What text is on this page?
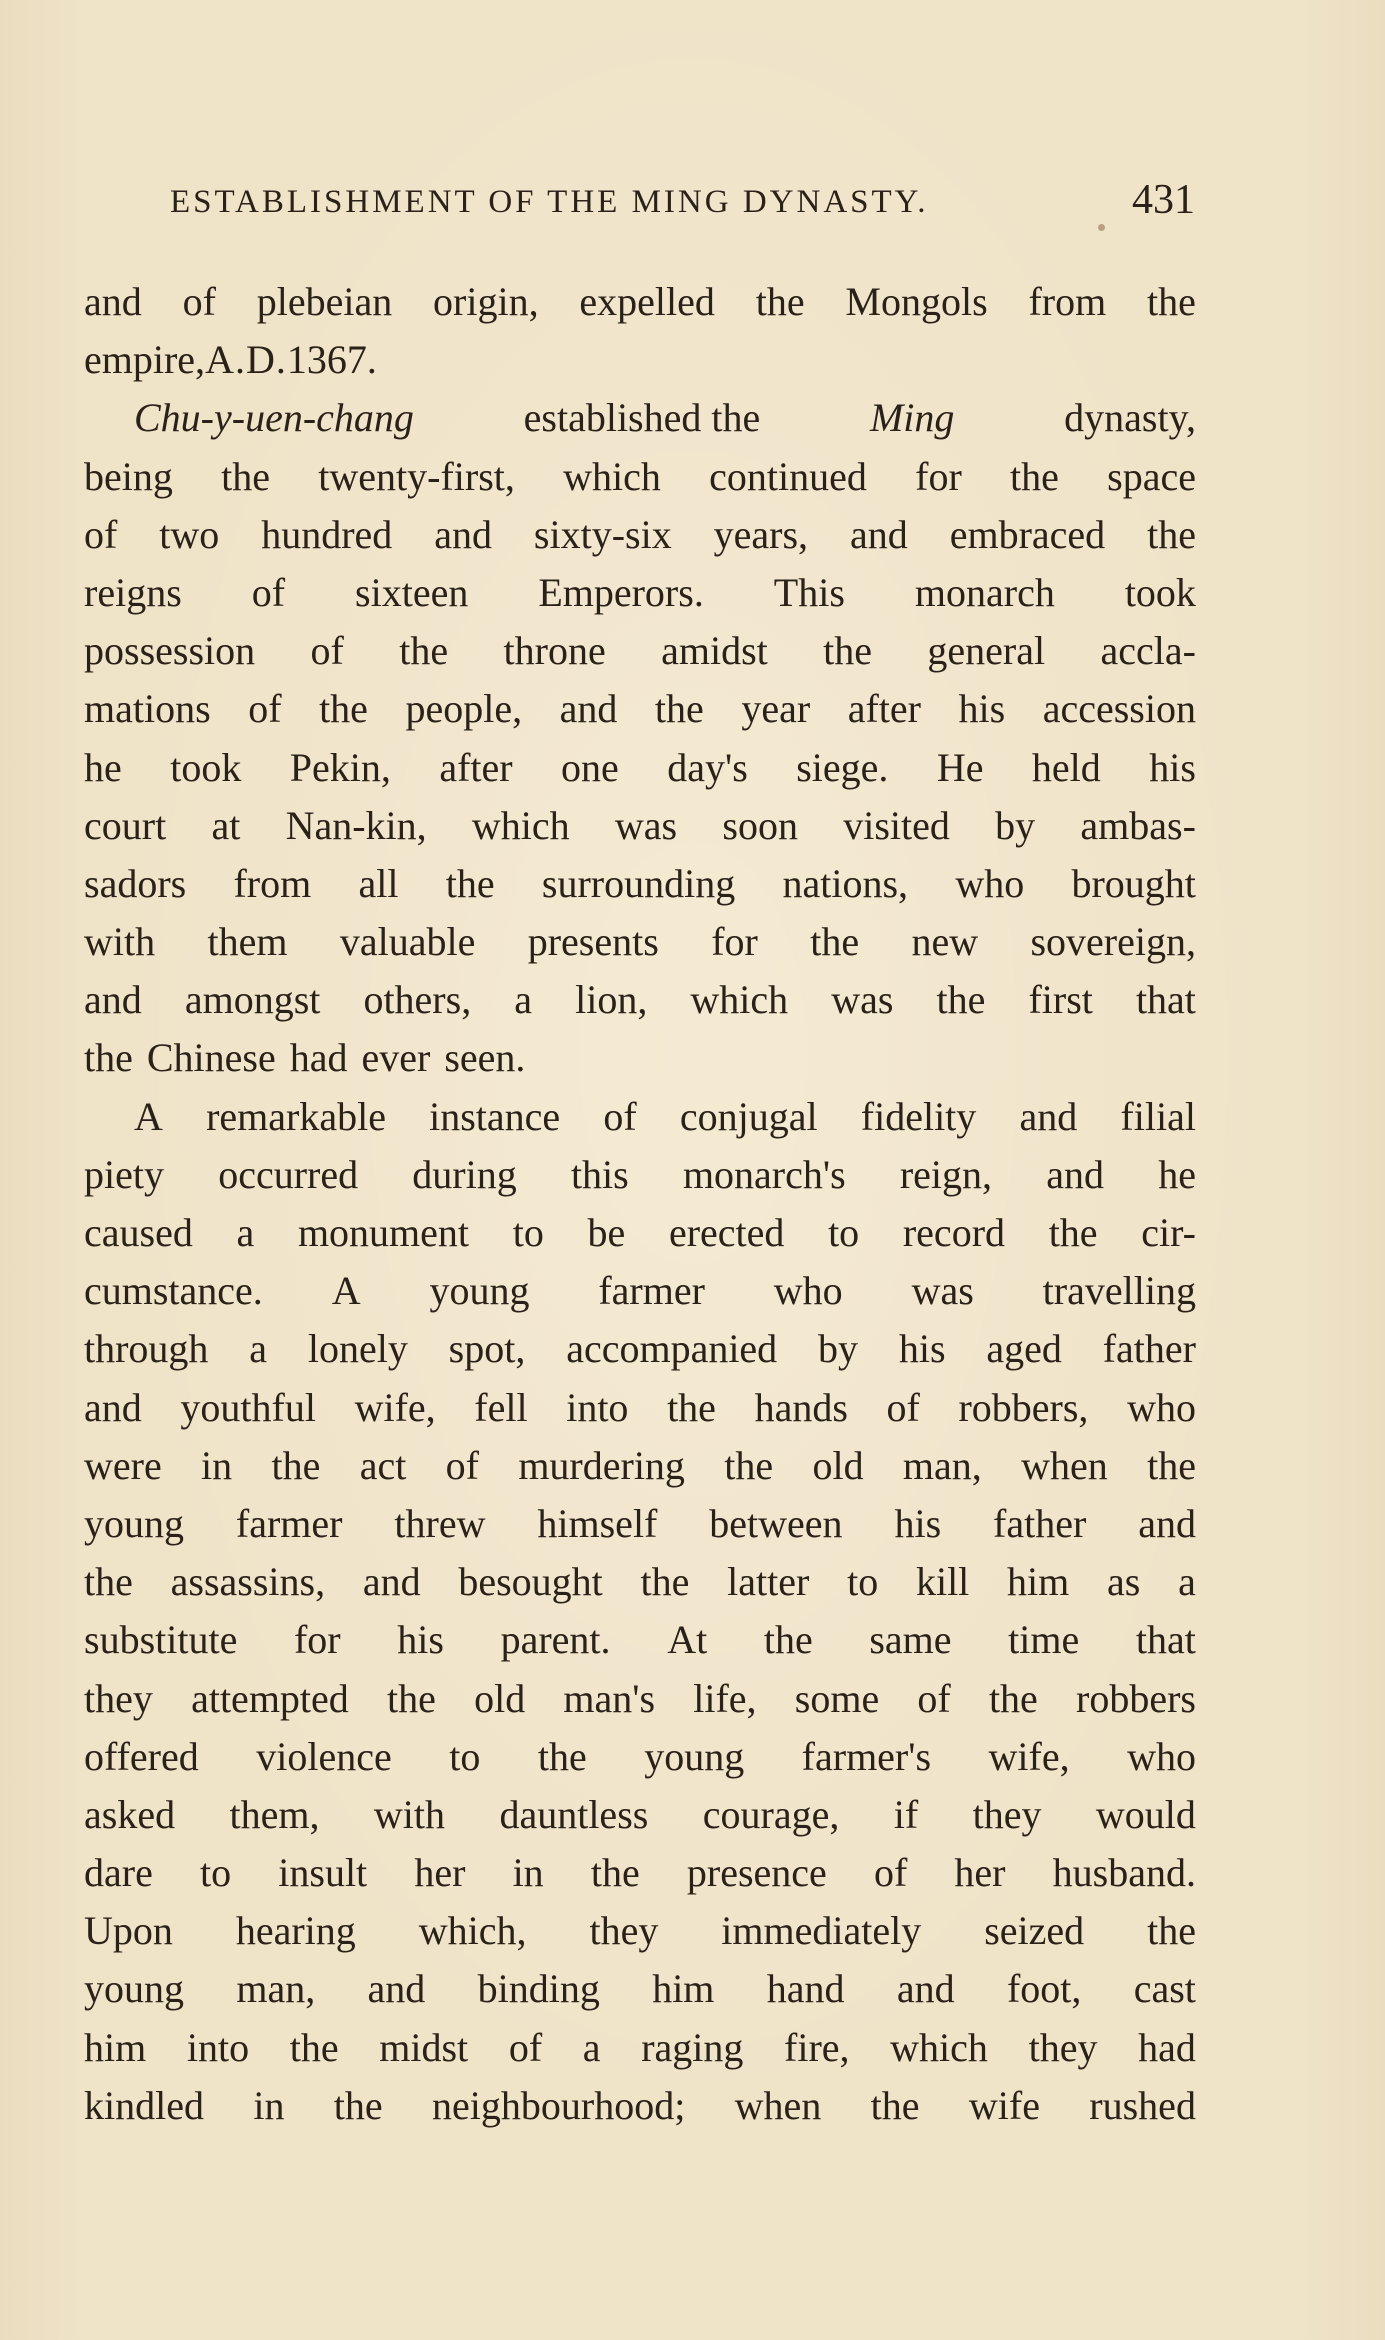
ESTABLISHMENT OF THE MING DYNASTY.	431
and of plebeian origin, expelled the Mongols from the
empire, A.D. 1367.
Chu-y-uen-chang	established the	Ming	dynasty,
being the twenty-first, which continued for the space
of two hundred and sixty-six years, and embraced the
reigns of sixteen Emperors. This monarch took
possession of the throne amidst the general accla-
mations of the people, and the year after his accession
he took Pekin, after one day's siege. He held his
court at Nan-kin, which was soon visited by ambas-
sadors from all the surrounding nations, who brought
with them valuable presents for the new sovereign,
and amongst others, a lion, which was the first that
the Chinese had ever seen.
A remarkable instance of conjugal fidelity and filial
piety occurred during this monarch's reign, and he
caused a monument to be erected to record the cir-
cumstance. A young farmer who was travelling
through a lonely spot, accompanied by his aged father
and youthful wife, fell into the hands of robbers, who
were in the act of murdering the old man, when the
young farmer threw himself between his father and
the assassins, and besought the latter to kill him as a
substitute for his parent. At the same time that
they attempted the old man's life, some of the robbers
offered violence to the young farmer's wife, who
asked them, with dauntless courage, if they would
dare to insult her in the presence of her husband.
Upon hearing which, they immediately seized the
young man, and binding him hand and foot, cast
him into the midst of a raging fire, which they had
kindled in the neighbourhood; when the wife rushed
